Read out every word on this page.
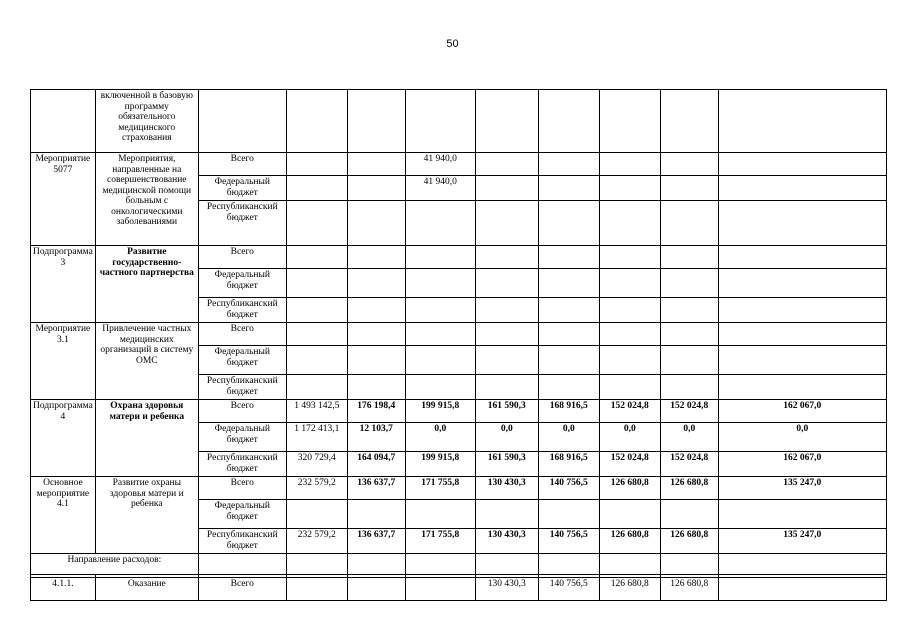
50
	включенной в базовую программу обязательного медицинского страхования									
Мероприятие 5077	Мероприятия, направленные на совершенствование медицинской помощи больным с онкологическими заболеваниями	Всего			41 940,0					
		Федеральный бюджет			41 940,0					
		Республиканский бюджет								
Подпрограмма 3	Развитие государственно-частного партнерства	Всего								
		Федеральный бюджет								
		Республиканский бюджет								
Мероприятие 3.1	Привлечение частных медицинских организаций в систему ОМС	Всего								
		Федеральный бюджет								
		Республиканский бюджет								
Подпрограмма 4	Охрана здоровья матери и ребенка	Всего	1 493 142,5	176 198,4	199 915,8	161 590,3	168 916,5	152 024,8	152 024,8	162 067,0
		Федеральный бюджет	1 172 413,1	12 103,7	0,0	0,0	0,0	0,0	0,0	0,0
		Республиканский бюджет	320 729,4	164 094,7	199 915,8	161 590,3	168 916,5	152 024,8	152 024,8	162 067,0
Основное мероприятие 4.1	Развитие охраны здоровья матери и ребенка	Всего	232 579,2	136 637,7	171 755,8	130 430,3	140 756,5	126 680,8	126 680,8	135 247,0
		Федеральный бюджет								
		Республиканский бюджет	232 579,2	136 637,7	171 755,8	130 430,3	140 756,5	126 680,8	126 680,8	135 247,0
Направление расходов:										

4.1.1.	Оказание	Всего				130 430,3	140 756,5	126 680,8	126 680,8	
